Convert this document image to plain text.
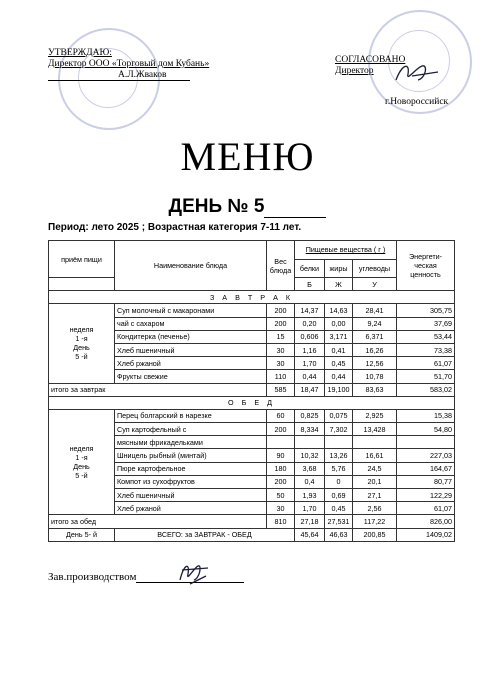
УТВЕРЖДАЮ:
Директор ООО «Торговый дом Кубань»
А.Л.Жваков
СОГЛАСОВАНО
Директор
г.Новороссийск
МЕНЮ
ДЕНЬ № 5
Период: лето 2025 ; Возрастная категория 7-11 лет.
приём пищи	Наименование блюда	Вес блюда	Пищевые вещества ( г )			Энергети-ческая ценность
			белки	жиры	углеводы	
			Б	Ж	У	
З А В Т Р А К						

неделя
1 -я
День
5 -й	Суп молочный с макаронами	200	14,37	14,63	28,41	305,75
	чай с сахаром	200	0,20	0,00	9,24	37,69
	Кондитерка (печенье)	15	0,606	3,171	6,371	53,44
	Хлеб пшеничный	30	1,16	0,41	16,26	73,38
	Хлеб ржаной	30	1,70	0,45	12,56	61,07
	Фрукты свежие	110	0,44	0,44	10,78	51,70
итого за завтрак		585	18,47	19,100	83,63	583,02
О Б Е Д						

неделя
1 -я
День
5 -й	Перец болгарский в нарезке	60	0,825	0,075	2,925	15,38
	Суп картофельный с	200	8,334	7,302	13,428	54,80
	мясными фрикадельками					
	Шницель рыбный (минтай)	90	10,32	13,26	16,61	227,03
	Пюре картофельное	180	3,68	5,76	24,5	164,67
	Компот из сухофруктов	200	0,4	0	20,1	80,77
	Хлеб пшеничный	50	1,93	0,69	27,1	122,29
	Хлеб ржаной	30	1,70	0,45	2,56	61,07
итого за обед		810	27,18	27,531	117,22	826,00
День 5- й	ВСЕГО: за ЗАВТРАК - ОБЕД		45,64	46,63	200,85	1409,02
Зав.производством
